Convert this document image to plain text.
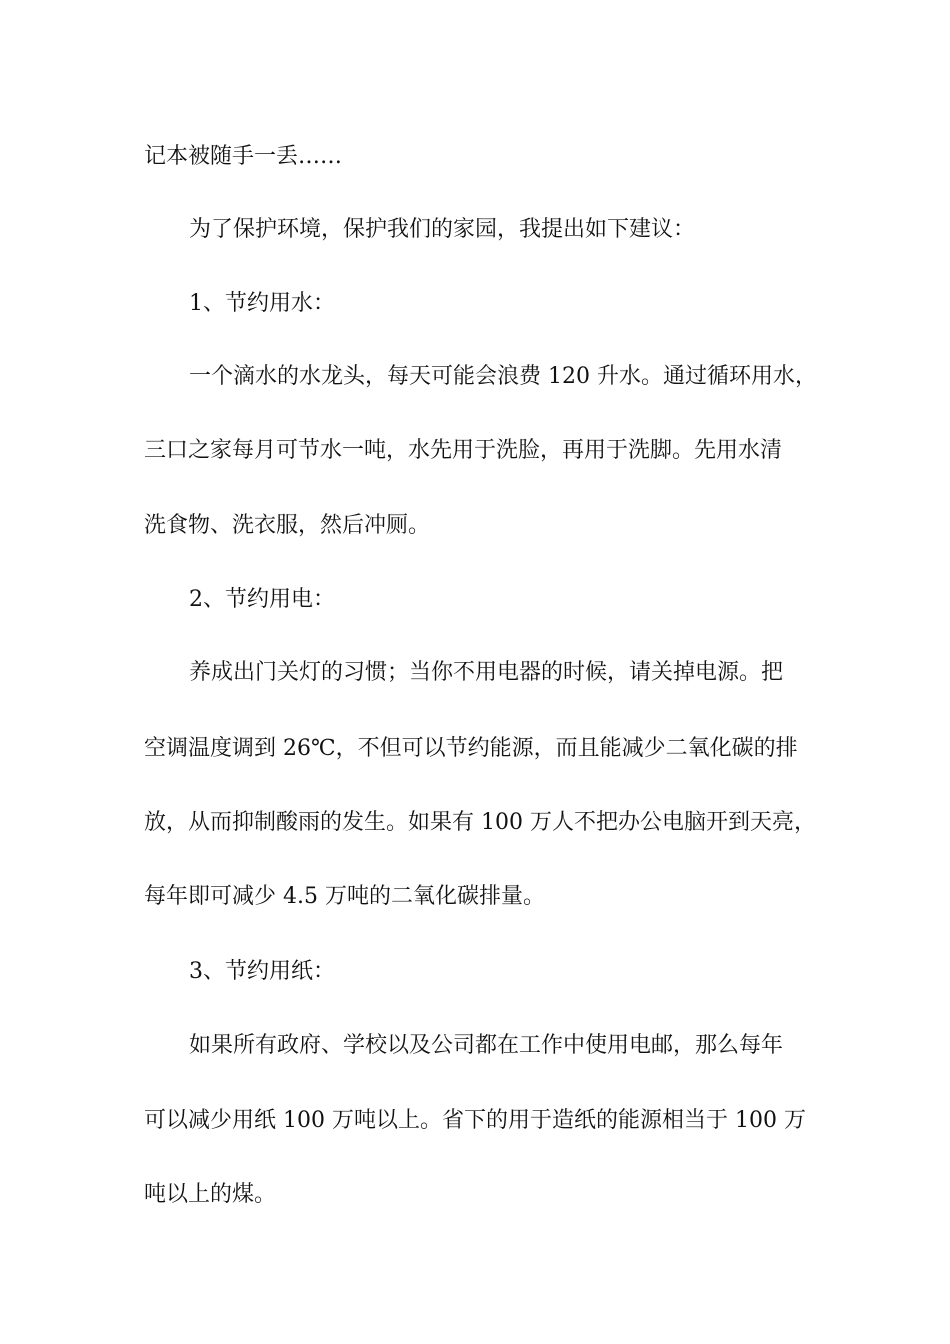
记本被随手一丢……
为了保护环境，保护我们的家园，我提出如下建议：
1、节约用水：
一个滴水的水龙头，每天可能会浪费 120 升水。通过循环用水，
三口之家每月可节水一吨，水先用于洗脸，再用于洗脚。先用水清
洗食物、洗衣服，然后冲厕。
2、节约用电：
养成出门关灯的习惯；当你不用电器的时候，请关掉电源。把
空调温度调到 26℃，不但可以节约能源，而且能减少二氧化碳的排
放，从而抑制酸雨的发生。如果有 100 万人不把办公电脑开到天亮，
每年即可减少 4.5 万吨的二氧化碳排量。
3、节约用纸：
如果所有政府、学校以及公司都在工作中使用电邮，那么每年
可以减少用纸 100 万吨以上。省下的用于造纸的能源相当于 100 万
吨以上的煤。
